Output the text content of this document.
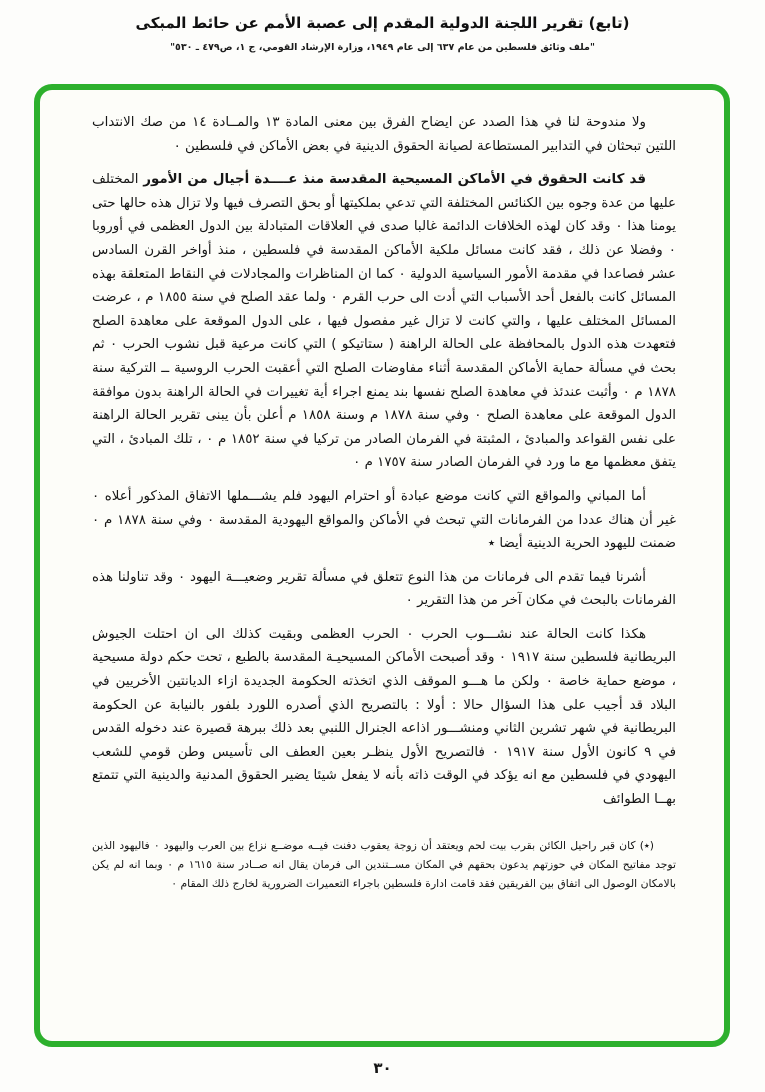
(تابع) تقرير اللجنة الدولية المقدم إلى عصبة الأمم عن حائط المبكى
"ملف وثائق فلسطين من عام ٦٣٧ إلى عام ١٩٤٩، وزارة الإرشاد القومي، ج ١، ص٤٧٩ ـ ٥٣٠"

ولا مندوحة لنا في هذا الصدد عن ايضاح الفرق بين معنى المادة ١٣ والمــادة ١٤ من صك الانتداب اللتين تبحثان في التدابير المستطاعة لصيانة الحقوق الدينية في بعض الأماكن في فلسطين ٠

قد كانت الحقوق في الأماكن المسيحية المقدسة منذ عــــدة أجيال من الأمور المختلف عليها من عدة وجوه بين الكنائس المختلفة التي تدعي بملكيتها أو بحق التصرف فيها ولا تزال هذه حالها حتى يومنا هذا ٠ وقد كان لهذه الخلافات الدائمة غالبا صدى في العلاقات المتبادلة بين الدول العظمى في أوروبا ٠ وفضلا عن ذلك ، فقد كانت مسائل ملكية الأماكن المقدسة في فلسطين ، منذ أواخر القرن السادس عشر فصاعدا في مقدمة الأمور السياسية الدولية ٠ كما ان المناظرات والمجادلات في النقاط المتعلقة بهذه المسائل كانت بالفعل أحد الأسباب التي أدت الى حرب القرم ٠ ولما عقد الصلح في سنة ١٨٥٥ م ، عرضت المسائل المختلف عليها ، والتي كانت لا تزال غير مفصول فيها ، على الدول الموقعة على معاهدة الصلح فتعهدت هذه الدول بالمحافظة على الحالة الراهنة ( ستاتيكو ) التي كانت مرعية قبل نشوب الحرب ٠ ثم بحث في مسألة حماية الأماكن المقدسة أثناء مفاوضات الصلح التي أعقبت الحرب الروسية ــ التركية سنة ١٨٧٨ م ٠ وأثبت عندئذ في معاهدة الصلح نفسها بند يمنع اجراء أية تغييرات في الحالة الراهنة بدون موافقة الدول الموقعة على معاهدة الصلح ٠ وفي سنة ١٨٧٨ م وسنة ١٨٥٨ م أعلن بأن يبنى تقرير الحالة الراهنة على نفس القواعد والمبادئ ، المثبتة في الفرمان الصادر من تركيا في سنة ١٨٥٢ م ٠ ، تلك المبادئ ، التي يتفق معظمها مع ما ورد في الفرمان الصادر سنة ١٧٥٧ م ٠

أما المباني والمواقع التي كانت موضع عبادة أو احترام اليهود فلم يشـــملها الاتفاق المذكور أعلاه ٠ غير أن هناك عددا من الفرمانات التي تبحث في الأماكن والمواقع اليهودية المقدسة ٠ وفي سنة ١٨٧٨ م ٠ ضمنت لليهود الحرية الدينية أيضا ٭

أشرنا فيما تقدم الى فرمانات من هذا النوع تتعلق في مسألة تقرير وضعيـــة اليهود ٠ وقد تناولنا هذه الفرمانات بالبحث في مكان آخر من هذا التقرير ٠

هكذا كانت الحالة عند نشـــوب الحرب ٠ الحرب العظمى وبقيت كذلك الى ان احتلت الجيوش البريطانية فلسطين سنة ١٩١٧ ٠ وقد أصبحت الأماكن المسيحيـة المقدسة بالطبع ، تحت حكم دولة مسيحية ، موضع حماية خاصة ٠ ولكن ما هـــو الموقف الذي اتخذته الحكومة الجديدة ازاء الديانتين الأخريين في البلاد قد أجيب على هذا السؤال حالا : أولا : بالتصريح الذي أصدره اللورد بلفور بالنيابة عن الحكومة البريطانية في شهر تشرين الثاني ومنشـــور اذاعه الجنرال اللنبي بعد ذلك ببرهة قصيرة عند دخوله القدس في ٩ كانون الأول سنة ١٩١٧ ٠ فالتصريح الأول ينظـر بعين العطف الى تأسيس وطن قومي للشعب اليهودي في فلسطين مع انه يؤكد في الوقت ذاته بأنه لا يفعل شيئا يضير الحقوق المدنية والدينية التي تتمتع بهــا الطوائف

(٭) كان قبر راحيل الكائن بقرب بيت لحم ويعتقد أن زوجة يعقوب دفنت فيــه موضــع نزاع بين العرب واليهود ٠ فاليهود الذين توجد مفاتيح المكان في حوزتهم يدعون بحقهم في المكان مســتندين الى فرمان يقال انه صــادر سنة ١٦١٥ م ٠ وبما انه لم يكن بالامكان الوصول الى اتفاق بين الفريقين فقد قامت ادارة فلسطين باجراء التعميرات الضرورية لخارج ذلك المقام ٠
٣٠
